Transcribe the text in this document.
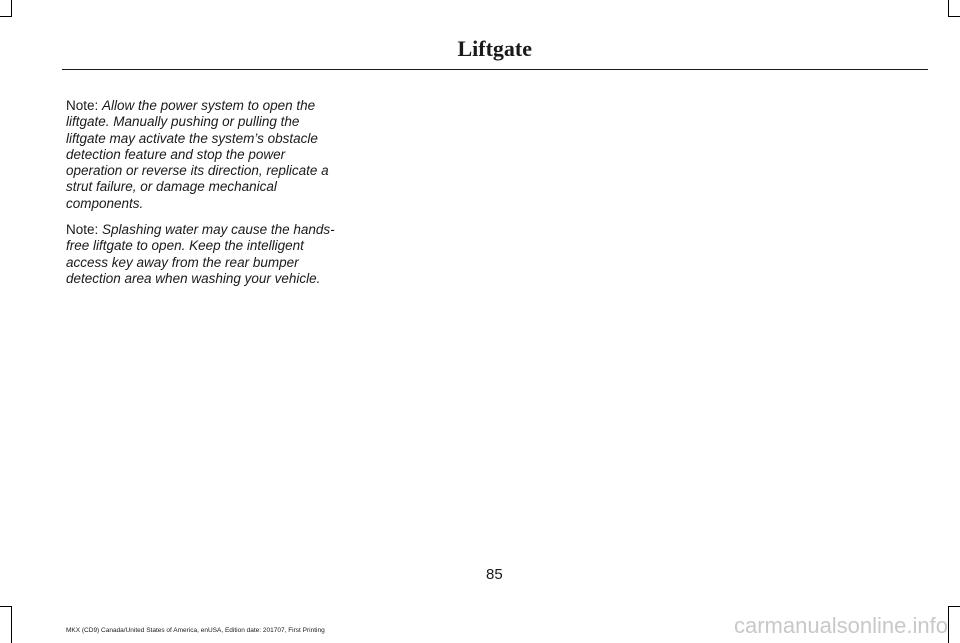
Liftgate

Note: Allow the power system to open the liftgate. Manually pushing or pulling the liftgate may activate the system’s obstacle detection feature and stop the power operation or reverse its direction, replicate a strut failure, or damage mechanical components.

Note: Splashing water may cause the hands-free liftgate to open. Keep the intelligent access key away from the rear bumper detection area when washing your vehicle.

85
MKX (CD9) Canada/United States of America, enUSA, Edition date: 201707, First Printing	carmanualsonline.info
